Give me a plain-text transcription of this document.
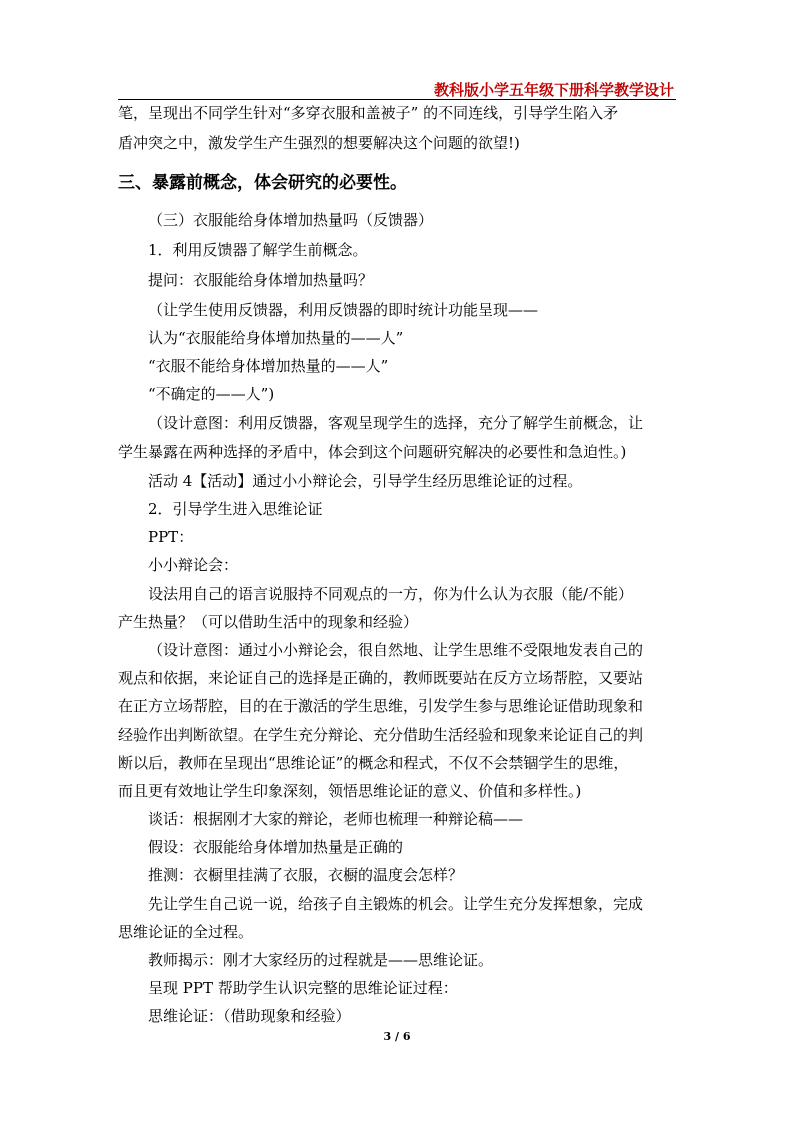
教科版小学五年级下册科学教学设计
笔，呈现出不同学生针对“多穿衣服和盖被子” 的不同连线，引导学生陷入矛
盾冲突之中，激发学生产生强烈的想要解决这个问题的欲望!)
三、暴露前概念，体会研究的必要性。
（三）衣服能给身体增加热量吗（反馈器）
1．利用反馈器了解学生前概念。
提问：衣服能给身体增加热量吗？
（让学生使用反馈器，利用反馈器的即时统计功能呈现——
认为“衣服能给身体增加热量的——人”
“衣服不能给身体增加热量的——人”
“不确定的——人”)
（设计意图：利用反馈器，客观呈现学生的选择，充分了解学生前概念，让
学生暴露在两种选择的矛盾中，体会到这个问题研究解决的必要性和急迫性。)
活动 4【活动】通过小小辩论会，引导学生经历思维论证的过程。
2．引导学生进入思维论证
PPT：
小小辩论会：
设法用自己的语言说服持不同观点的一方，你为什么认为衣服（能/不能）
产生热量？（可以借助生活中的现象和经验）
（设计意图：通过小小辩论会，很自然地、让学生思维不受限地发表自己的
观点和依据，来论证自己的选择是正确的，教师既要站在反方立场帮腔，又要站
在正方立场帮腔，目的在于激活的学生思维，引发学生参与思维论证借助现象和
经验作出判断欲望。在学生充分辩论、充分借助生活经验和现象来论证自己的判
断以后，教师在呈现出“思维论证”的概念和程式，不仅不会禁锢学生的思维，
而且更有效地让学生印象深刻，领悟思维论证的意义、价值和多样性。)
谈话：根据刚才大家的辩论，老师也梳理一种辩论稿——
假设：衣服能给身体增加热量是正确的
推测：衣橱里挂满了衣服，衣橱的温度会怎样？
先让学生自己说一说，给孩子自主锻炼的机会。让学生充分发挥想象，完成
思维论证的全过程。
教师揭示：刚才大家经历的过程就是——思维论证。
呈现 PPT 帮助学生认识完整的思维论证过程：
思维论证：（借助现象和经验）
3 / 6
